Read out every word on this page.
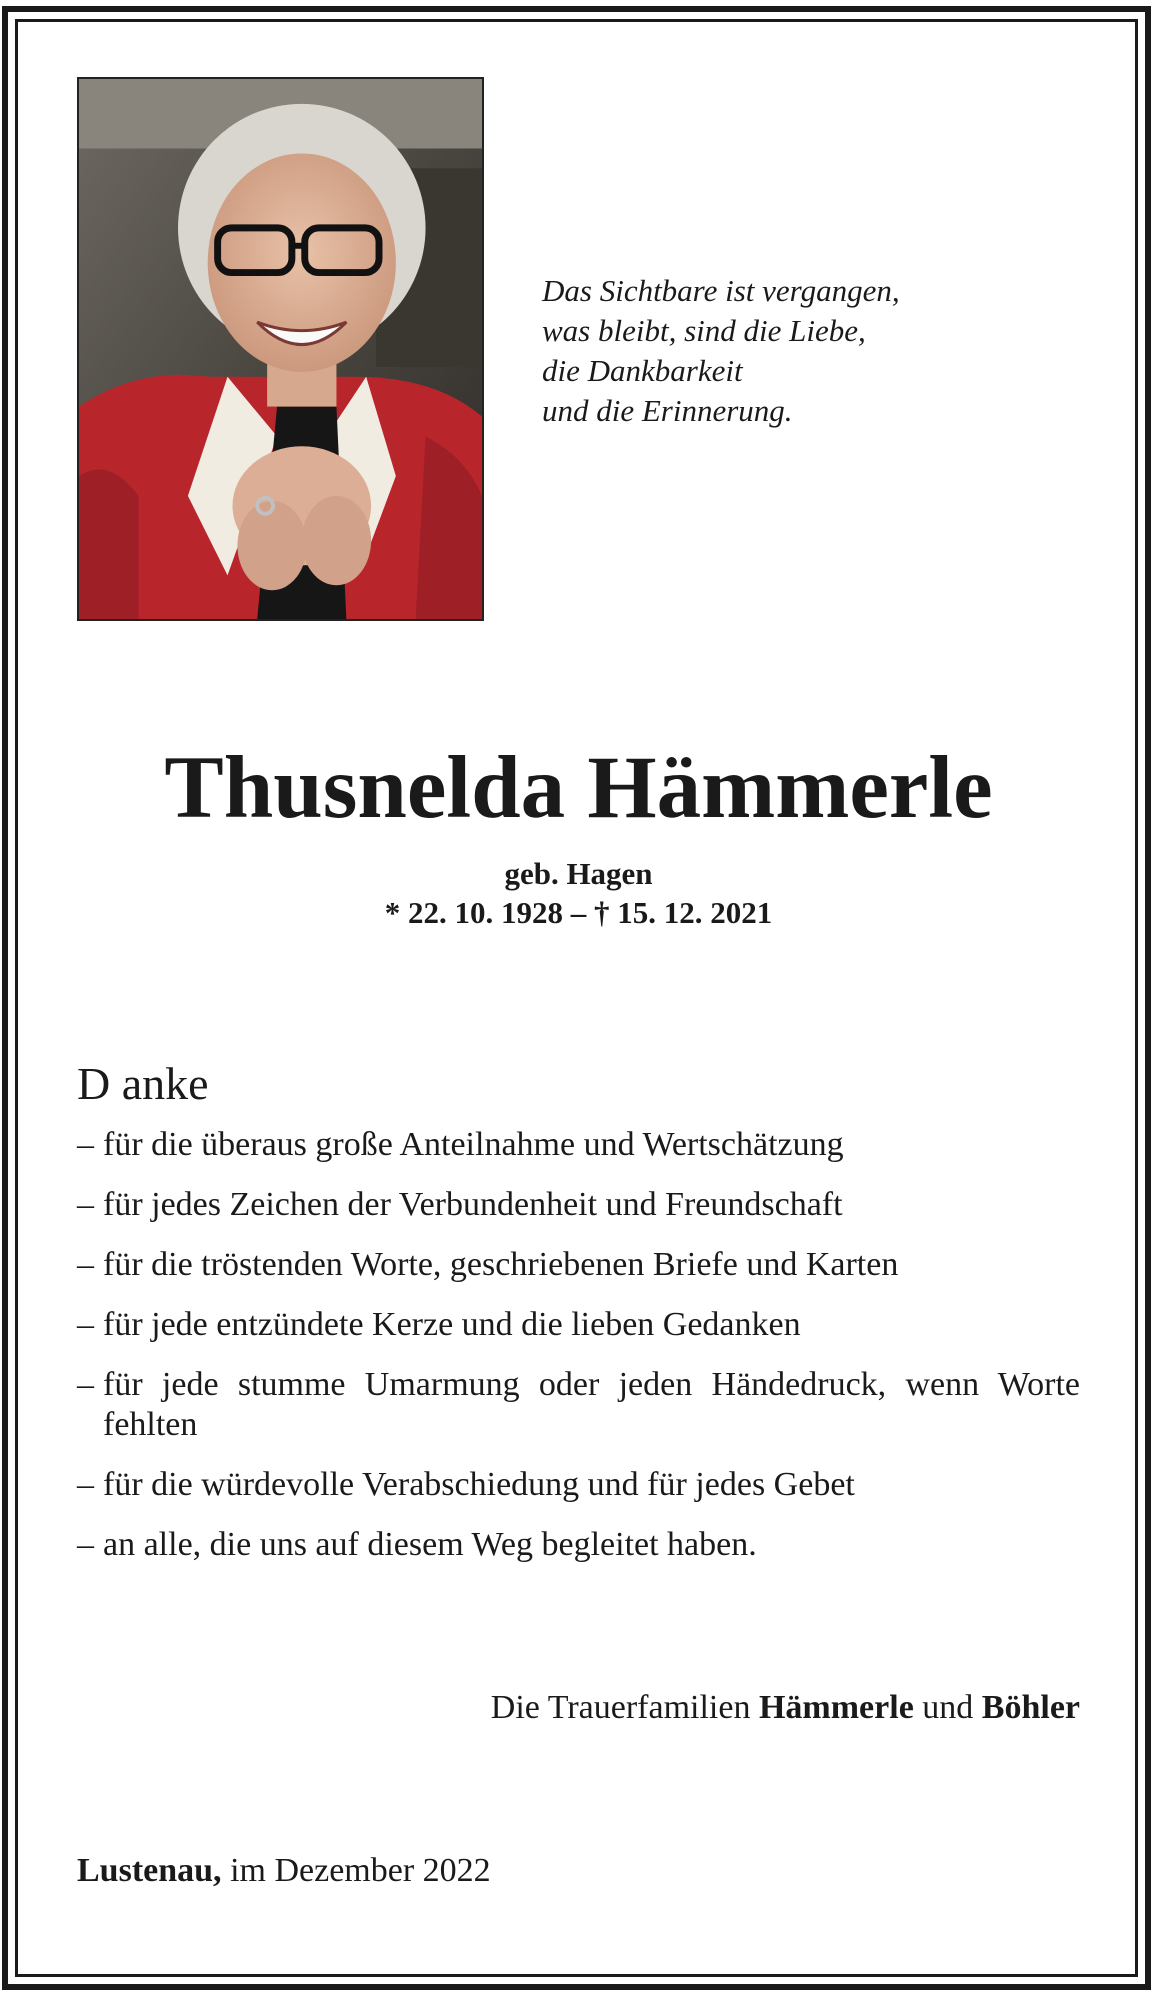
Das Sichtbare ist vergangen,
was bleibt, sind die Liebe,
die Dankbarkeit
und die Erinnerung.
Thusnelda Hämmerle
geb. Hagen
* 22. 10. 1928 – † 15. 12. 2021
D anke
– für die überaus große Anteilnahme und Wertschätzung
– für jedes Zeichen der Verbundenheit und Freundschaft
– für die tröstenden Worte, geschriebenen Briefe und Karten
– für jede entzündete Kerze und die lieben Gedanken
– für jede stumme Umarmung oder jeden Händedruck, wenn Worte fehlten
– für die würdevolle Verabschiedung und für jedes Gebet
– an alle, die uns auf diesem Weg begleitet haben.
Die Trauerfamilien Hämmerle und Böhler
Lustenau, im Dezember 2022
